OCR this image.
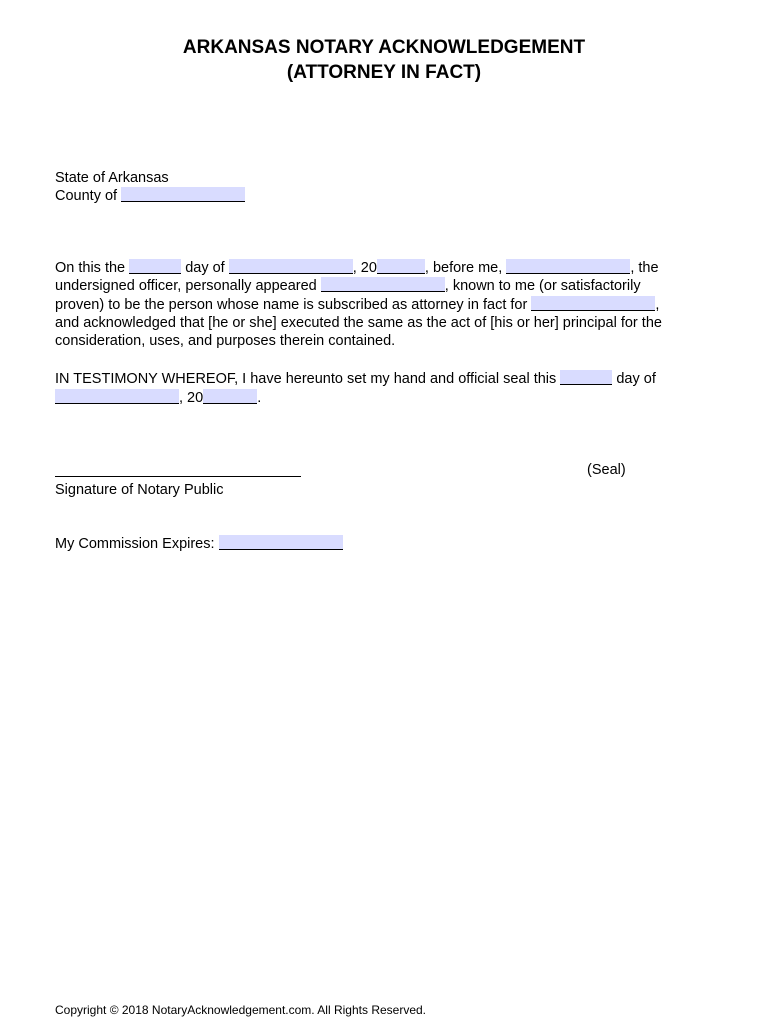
ARKANSAS NOTARY ACKNOWLEDGEMENT
(ATTORNEY IN FACT)
State of Arkansas
County of
On this the	day of	, 20	, before me,	, the
undersigned officer, personally appeared	, known to me (or satisfactorily
proven) to be the person whose name is subscribed as attorney in fact for	,
and acknowledged that [he or she] executed the same as the act of [his or her] principal for the
consideration, uses, and purposes therein contained.
IN TESTIMONY WHEREOF, I have hereunto set my hand and official seal this	day of
, 20	.
(Seal)
Signature of Notary Public
My Commission Expires:
Copyright © 2018 NotaryAcknowledgement.com. All Rights Reserved.
